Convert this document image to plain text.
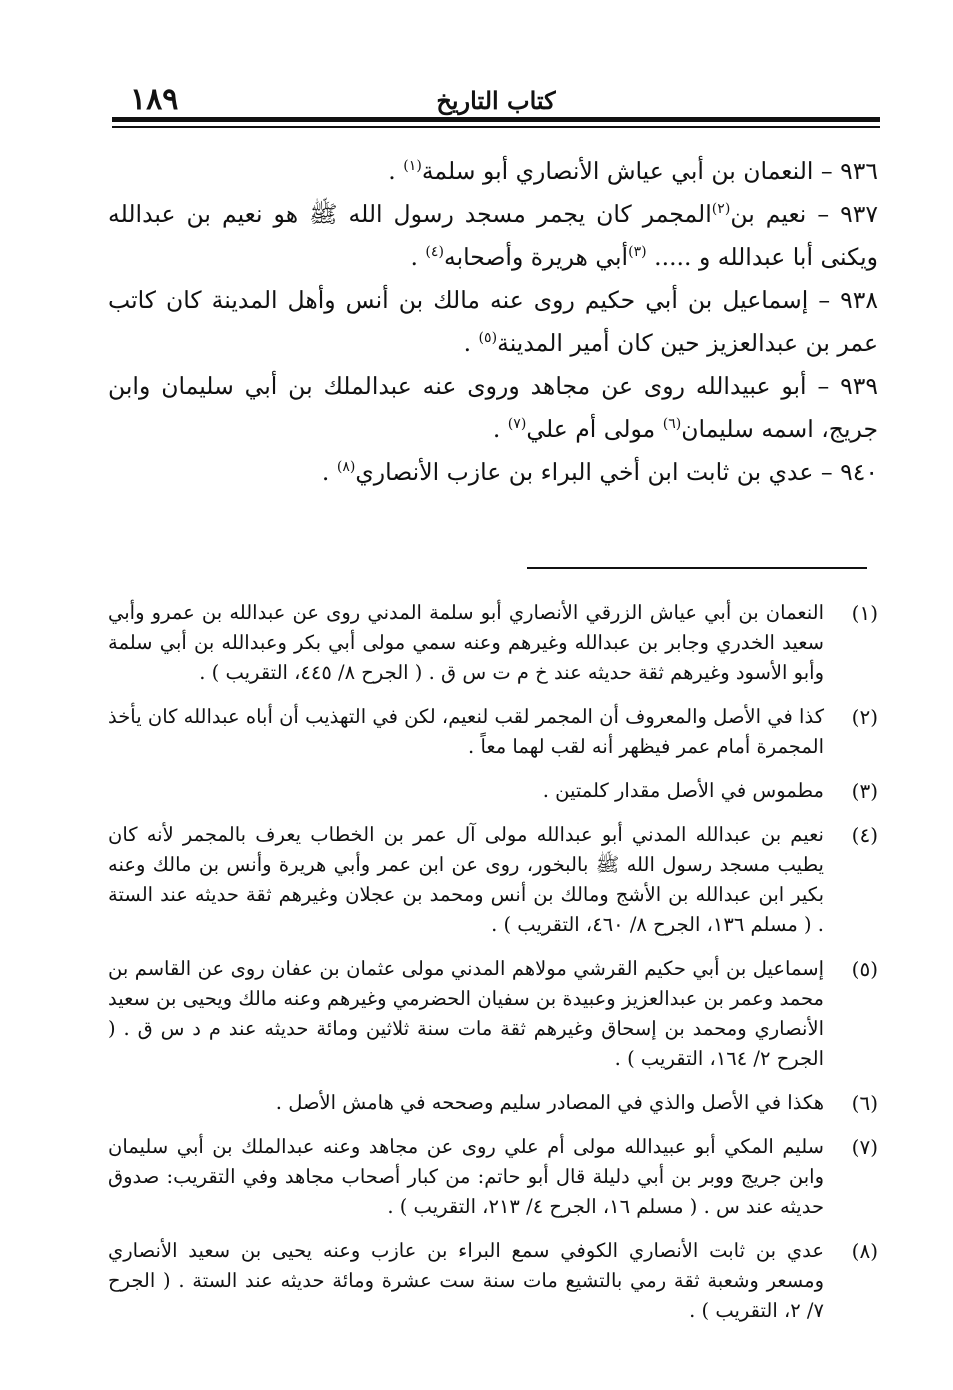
١٨٩	كتاب التاريخ

٩٣٦ – النعمان بن أبي عياش الأنصاري أبو سلمة$^{(١)}$ .

٩٣٧ – نعيم بن$^{(٢)}$المجمر كان يجمر مسجد رسول الله ﷺ هو نعيم بن عبدالله ويكنى أبا عبدالله و ..... $^{(٣)}$أبي هريرة وأصحابه$^{(٤)}$ .

٩٣٨ – إسماعيل بن أبي حكيم روى عنه مالك بن أنس وأهل المدينة كان كاتب عمر بن عبدالعزيز حين كان أمير المدينة$^{(٥)}$ .

٩٣٩ – أبو عبيدالله روى عن مجاهد وروى عنه عبدالملك بن أبي سليمان وابن جريج، اسمه سليمان$^{(٦)}$ مولى أم علي$^{(٧)}$ .

٩٤٠ – عدي بن ثابت ابن أخي البراء بن عازب الأنصاري$^{(٨)}$ .

(١)
النعمان بن أبي عياش الزرقي الأنصاري أبو سلمة المدني روى عن عبدالله بن عمرو وأبي سعيد الخدري وجابر بن عبدالله وغيرهم وعنه سمي مولى أبي بكر وعبدالله بن أبي سلمة وأبو الأسود وغيرهم ثقة حديثه عند خ م ت س ق . ( الجرح ٨/ ٤٤٥، التقريب ) .
(٢)
كذا في الأصل والمعروف أن المجمر لقب لنعيم، لكن في التهذيب أن أباه عبدالله كان يأخذ المجمرة أمام عمر فيظهر أنه لقب لهما معاً .
(٣)
مطموس في الأصل مقدار كلمتين .
(٤)
نعيم بن عبدالله المدني أبو عبدالله مولى آل عمر بن الخطاب يعرف بالمجمر لأنه كان يطيب مسجد رسول الله ﷺ بالبخور، روى عن ابن عمر وأبي هريرة وأنس بن مالك وعنه بكير ابن عبدالله بن الأشج ومالك بن أنس ومحمد بن عجلان وغيرهم ثقة حديثه عند الستة . ( مسلم ١٣٦، الجرح ٨/ ٤٦٠، التقريب ) .
(٥)
إسماعيل بن أبي حكيم القرشي مولاهم المدني مولى عثمان بن عفان روى عن القاسم بن محمد وعمر بن عبدالعزيز وعبيدة بن سفيان الحضرمي وغيرهم وعنه مالك ويحيى بن سعيد الأنصاري ومحمد بن إسحاق وغيرهم ثقة مات سنة ثلاثين ومائة حديثه عند م د س ق . ( الجرح ٢/ ١٦٤، التقريب ) .
(٦)
هكذا في الأصل والذي في المصادر سليم وصححه في هامش الأصل .
(٧)
سليم المكي أبو عبيدالله مولى أم علي روى عن مجاهد وعنه عبدالملك بن أبي سليمان وابن جريج ووبر بن أبي دليلة قال أبو حاتم: من كبار أصحاب مجاهد وفي التقريب: صدوق حديثه عند س . ( مسلم ١٦، الجرح ٤/ ٢١٣، التقريب ) .
(٨)
عدي بن ثابت الأنصاري الكوفي سمع البراء بن عازب وعنه يحيى بن سعيد الأنصاري ومسعر وشعبة ثقة رمي بالتشيع مات سنة ست عشرة ومائة حديثه عند الستة . ( الجرح ٧/ ٢، التقريب ) .
